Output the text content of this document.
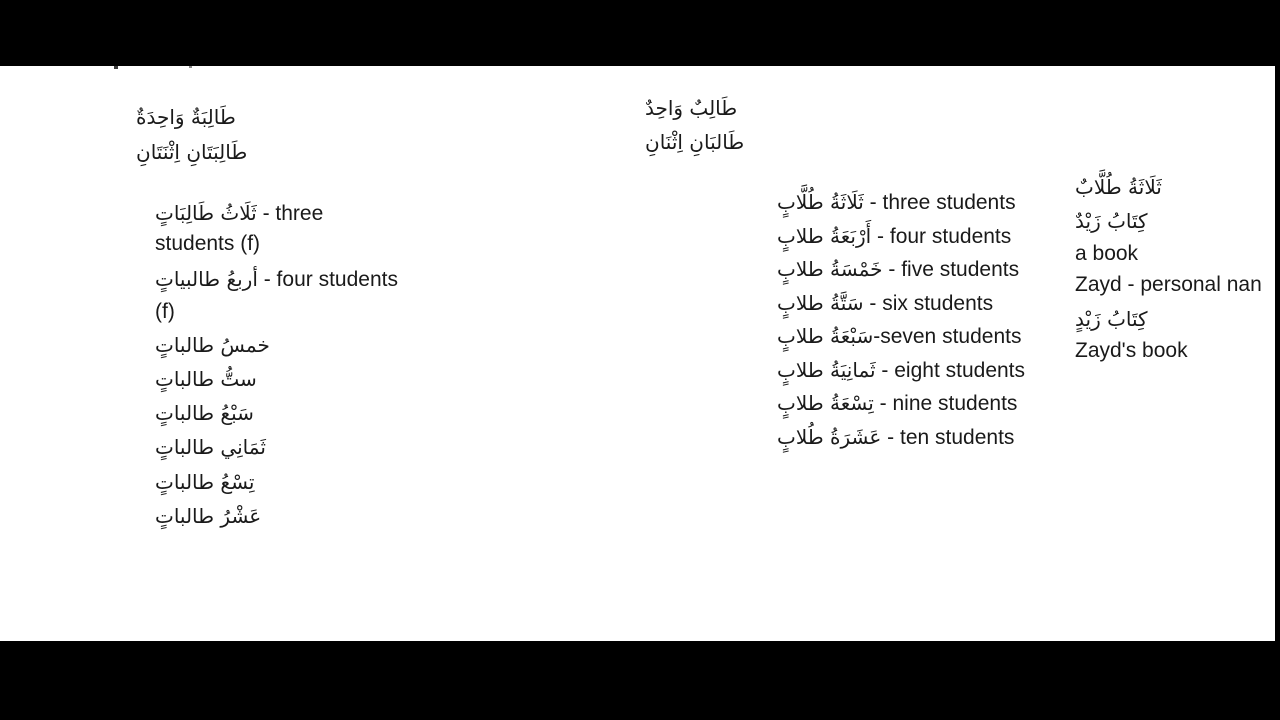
طَالِبَةٌ وَاحِدَةٌ
طَالِبَتَانِ اِثْنَتَانِ
ثَلَاثُ طَالِبَاتٍ - three
students (f)
أربعُ طالبياتٍ - four students
(f)
خمسُ طالباتٍ
ستُّ طالباتٍ
سَبْعُ طالباتٍ
ثَمَانِي طالباتٍ
تِسْعُ طالباتٍ
عَشْرُ طالباتٍ
طَالِبٌ وَاحِدٌ
طَالبَانِ اِثْنَانِ
ثَلَاثَةُ طُلَّابٍ - three students
أَرْبَعَةُ طلابٍ - four students
خَمْسَةُ طلابٍ - five students
سَتَّةُ طلابٍ - six students
سَبْعَةُ طلابٍ-seven students
ثَمانِيَةُ طلابٍ - eight students
تِسْعَةُ طلابٍ - nine students
عَشَرَةُ طُلابٍ - ten students
ثَلَاثَةُ طُلَّابٌ
كِتَابُ زَيْدٌ
a book
Zayd - personal nan
كِتَابُ زَيْدٍ
Zayd's book
